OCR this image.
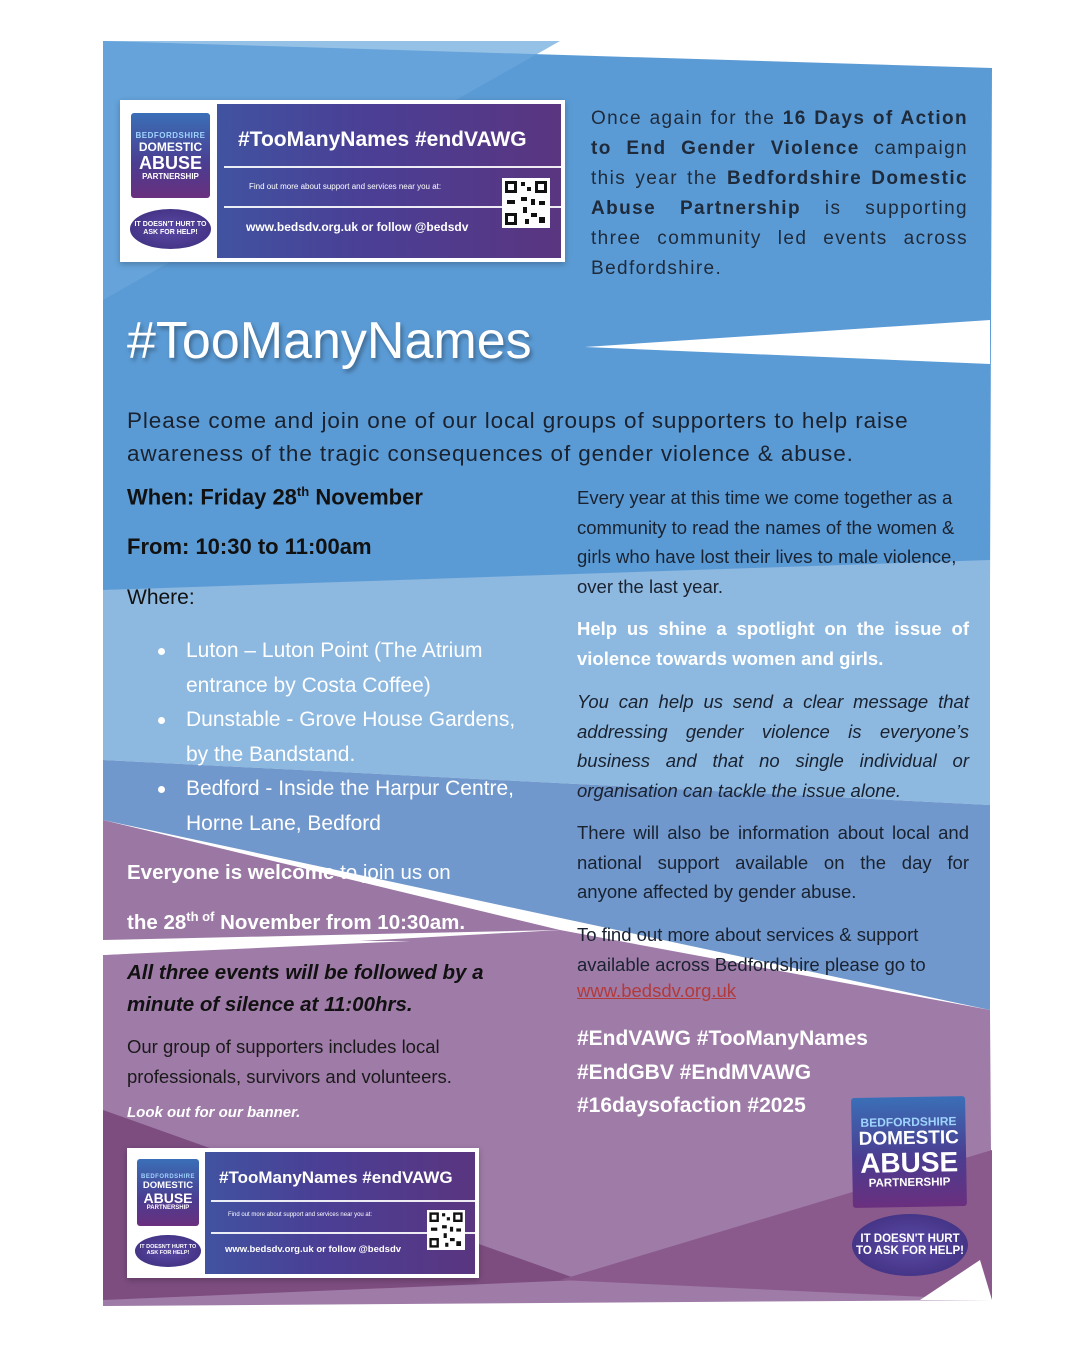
BEDFORDSHIRE
DOMESTIC
ABUSE
PARTNERSHIP
IT DOESN'T HURT TO ASK FOR HELP!
#TooManyNames #endVAWG
Find out more about support and services near you at:
www.bedsdv.org.uk or follow @bedsdv
Once again for the 16 Days of Action to End Gender Violence campaign this year the Bedfordshire Domestic Abuse Partnership is supporting three community led events across Bedfordshire.
#TooManyNames
Please come and join one of our local groups of supporters to help raise awareness of the tragic consequences of gender violence & abuse.
When: Friday 28th November
From: 10:30 to 11:00am
Where:
Luton – Luton Point (The Atrium entrance by Costa Coffee)
Dunstable - Grove House Gardens, by the Bandstand.
Bedford - Inside the Harpur Centre, Horne Lane, Bedford
Everyone is welcome to join us on
the $28^{th of}$ November from 10:30am.
All three events will be followed by a minute of silence at 11:00hrs.
Our group of supporters includes local professionals, survivors and volunteers.
Look out for our banner.
BEDFORDSHIRE
DOMESTIC
ABUSE
PARTNERSHIP
IT DOESN'T HURT TO ASK FOR HELP!
#TooManyNames #endVAWG
Find out more about support and services near you at:
www.bedsdv.org.uk or follow @bedsdv
Every year at this time we come together as a community to read the names of the women & girls who have lost their lives to male violence, over the last year.
Help us shine a spotlight on the issue of violence towards women and girls.
You can help us send a clear message that addressing gender violence is everyone’s business and that no single individual or organisation can tackle the issue alone.
There will also be information about local and national support available on the day for anyone affected by gender abuse.
To find out more about services & support available across Bedfordshire please go to
www.bedsdv.org.uk
#EndVAWG #TooManyNames
#EndGBV #EndMVAWG
#16daysofaction #2025
BEDFORDSHIRE
DOMESTIC
ABUSE
PARTNERSHIP
IT DOESN'T HURT TO ASK FOR HELP!
